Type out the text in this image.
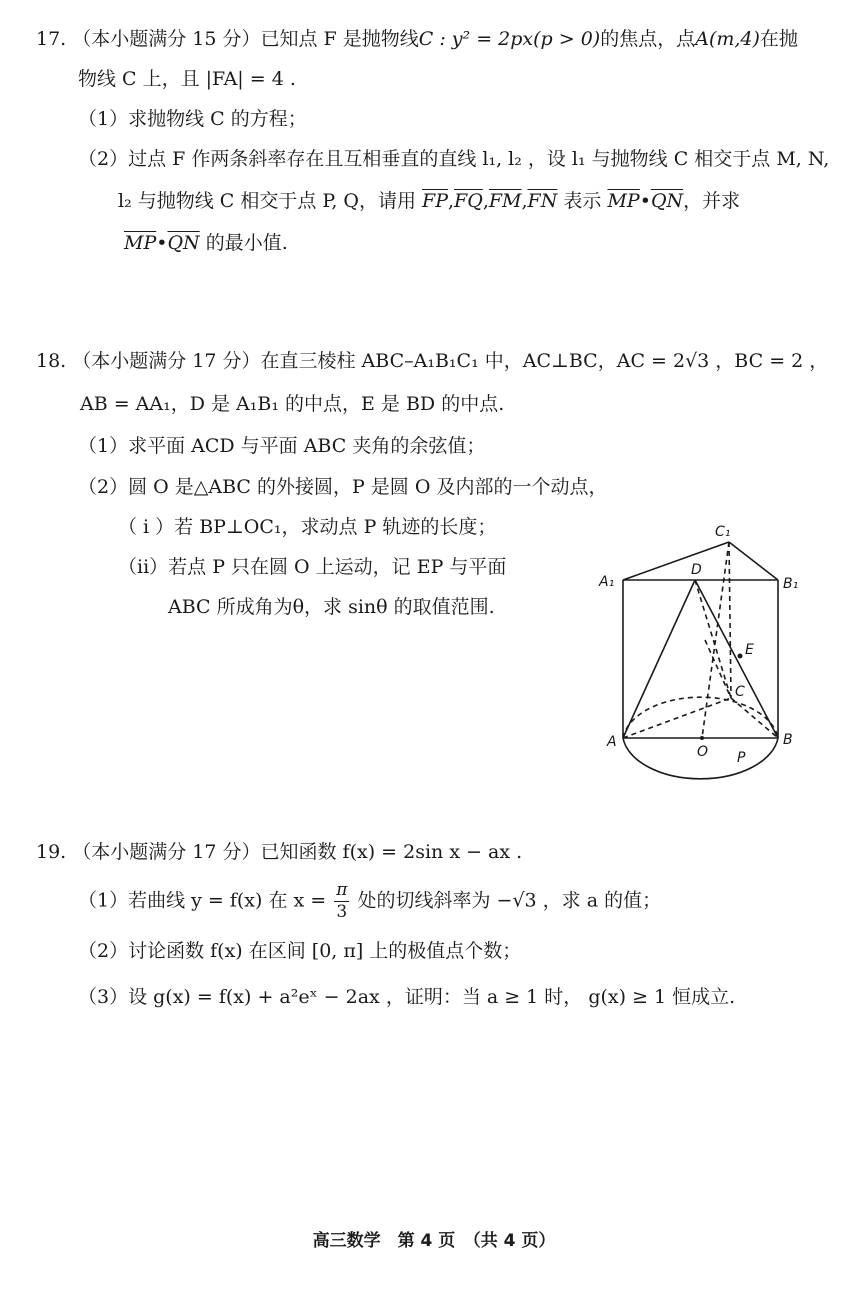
17. （本小题满分 15 分）已知点 F 是抛物线C : y² = 2px(p > 0)的焦点，点A(m,4)在抛
物线 C 上，且 |FA| = 4 .
（1）求抛物线 C 的方程；
（2）过点 F 作两条斜率存在且互相垂直的直线 l₁, l₂ ，设 l₁ 与抛物线 C 相交于点 M, N,
l₂ 与抛物线 C 相交于点 P, Q，请用 $\overline{FP},\overline{FQ},\overline{FM},\overline{FN}$ 表示 $\overline{MP}•\overline{QN}$，并求
$\overline{MP}•\overline{QN}$ 的最小值.
18. （本小题满分 17 分）在直三棱柱 ABC–A₁B₁C₁ 中，AC⊥BC，AC = 2√3 ，BC = 2 ，
AB = AA₁，D 是 A₁B₁ 的中点，E 是 BD 的中点.
（1）求平面 ACD 与平面 ABC 夹角的余弦值；
（2）圆 O 是△ABC 的外接圆，P 是圆 O 及内部的一个动点，
（ i ）若 BP⊥OC₁，求动点 P 轨迹的长度；
（ii）若点 P 只在圆 O 上运动，记 EP 与平面
ABC 所成角为θ，求 sinθ 的取值范围.
C₁
A₁
D
B₁
E
C
A
O
B
P
19. （本小题满分 17 分）已知函数 f(x) = 2sin x − ax .
（1）若曲线 y = f(x) 在 $x = \frac{\pi}{3}$ 处的切线斜率为 −√3 ，求 a 的值；
（2）讨论函数 f(x) 在区间 [0, π] 上的极值点个数；
（3）设 g(x) = f(x) + a²eˣ − 2ax ，证明：当 a ≥ 1 时， g(x) ≥ 1 恒成立.
高三数学　第 4 页　（共 4 页）
